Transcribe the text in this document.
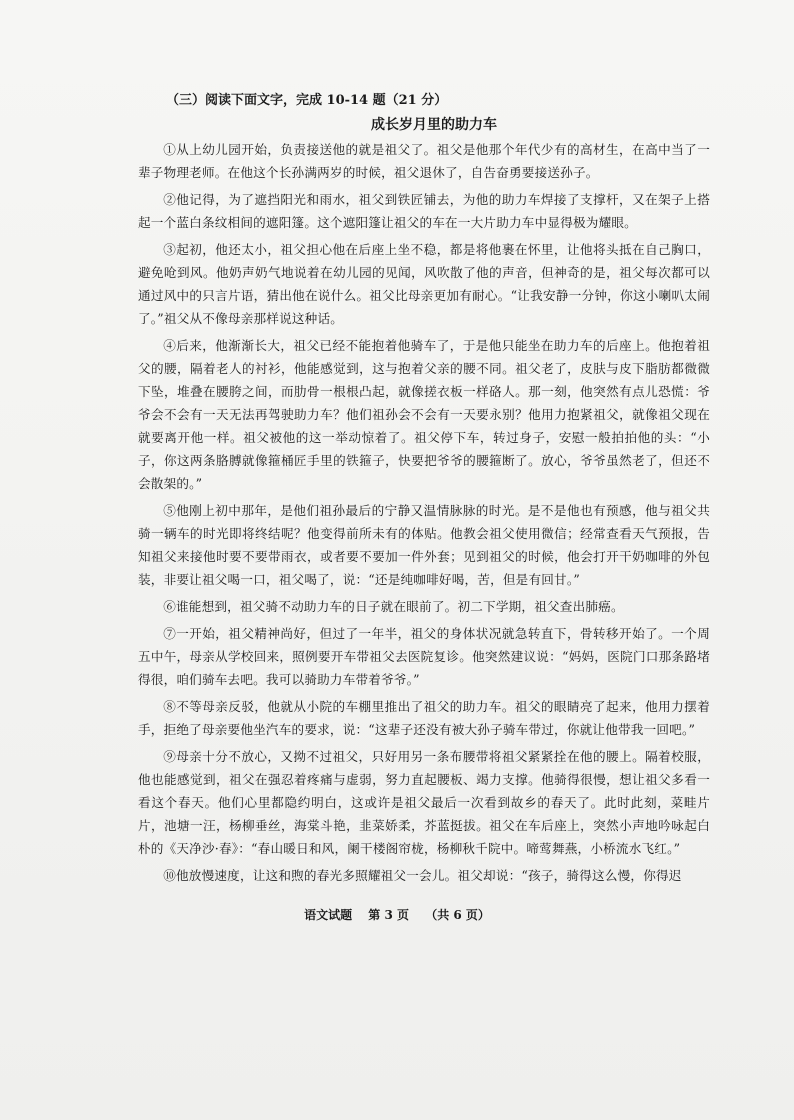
（三）阅读下面文字，完成 10-14 题（21 分）
成长岁月里的助力车

①从上幼儿园开始，负责接送他的就是祖父了。祖父是他那个年代少有的高材生，在高中当了一辈子物理老师。在他这个长孙满两岁的时候，祖父退休了，自告奋勇要接送孙子。

②他记得，为了遮挡阳光和雨水，祖父到铁匠铺去，为他的助力车焊接了支撑杆，又在架子上搭起一个蓝白条纹相间的遮阳篷。这个遮阳篷让祖父的车在一大片助力车中显得极为耀眼。

③起初，他还太小，祖父担心他在后座上坐不稳，都是将他裹在怀里，让他将头抵在自己胸口，避免呛到风。他奶声奶气地说着在幼儿园的见闻，风吹散了他的声音，但神奇的是，祖父每次都可以通过风中的只言片语，猜出他在说什么。祖父比母亲更加有耐心。“让我安静一分钟，你这小喇叭太闹了。”祖父从不像母亲那样说这种话。

④后来，他渐渐长大，祖父已经不能抱着他骑车了，于是他只能坐在助力车的后座上。他抱着祖父的腰，隔着老人的衬衫，他能感觉到，这与抱着父亲的腰不同。祖父老了，皮肤与皮下脂肪都微微下坠，堆叠在腰胯之间，而肋骨一根根凸起，就像搓衣板一样硌人。那一刻，他突然有点儿恐慌：爷爷会不会有一天无法再驾驶助力车？他们祖孙会不会有一天要永别？他用力抱紧祖父，就像祖父现在就要离开他一样。祖父被他的这一举动惊着了。祖父停下车，转过身子，安慰一般拍拍他的头：“小子，你这两条胳膊就像箍桶匠手里的铁箍子，快要把爷爷的腰箍断了。放心，爷爷虽然老了，但还不会散架的。”

⑤他刚上初中那年，是他们祖孙最后的宁静又温情脉脉的时光。是不是他也有预感，他与祖父共骑一辆车的时光即将终结呢？他变得前所未有的体贴。他教会祖父使用微信；经常查看天气预报，告知祖父来接他时要不要带雨衣，或者要不要加一件外套；见到祖父的时候，他会打开干奶咖啡的外包装，非要让祖父喝一口，祖父喝了，说：“还是纯咖啡好喝，苦，但是有回甘。”

⑥谁能想到，祖父骑不动助力车的日子就在眼前了。初二下学期，祖父查出肺癌。

⑦一开始，祖父精神尚好，但过了一年半，祖父的身体状况就急转直下，骨转移开始了。一个周五中午，母亲从学校回来，照例要开车带祖父去医院复诊。他突然建议说：“妈妈，医院门口那条路堵得很，咱们骑车去吧。我可以骑助力车带着爷爷。”

⑧不等母亲反驳，他就从小院的车棚里推出了祖父的助力车。祖父的眼睛亮了起来，他用力摆着手，拒绝了母亲要他坐汽车的要求，说：“这辈子还没有被大孙子骑车带过，你就让他带我一回吧。”

⑨母亲十分不放心，又拗不过祖父，只好用另一条布腰带将祖父紧紧拴在他的腰上。隔着校服，他也能感觉到，祖父在强忍着疼痛与虚弱，努力直起腰板、竭力支撑。他骑得很慢，想让祖父多看一看这个春天。他们心里都隐约明白，这或许是祖父最后一次看到故乡的春天了。此时此刻，菜畦片片，池塘一汪，杨柳垂丝，海棠斗艳，韭菜娇柔，芥蓝挺拔。祖父在车后座上，突然小声地吟咏起白朴的《天净沙·春》：“春山暖日和风，阑干楼阁帘栊，杨柳秋千院中。啼莺舞燕，小桥流水飞红。”

⑩他放慢速度，让这和煦的春光多照耀祖父一会儿。祖父却说：“孩子，骑得这么慢，你得迟

语文试题 第 3 页 （共 6 页）
